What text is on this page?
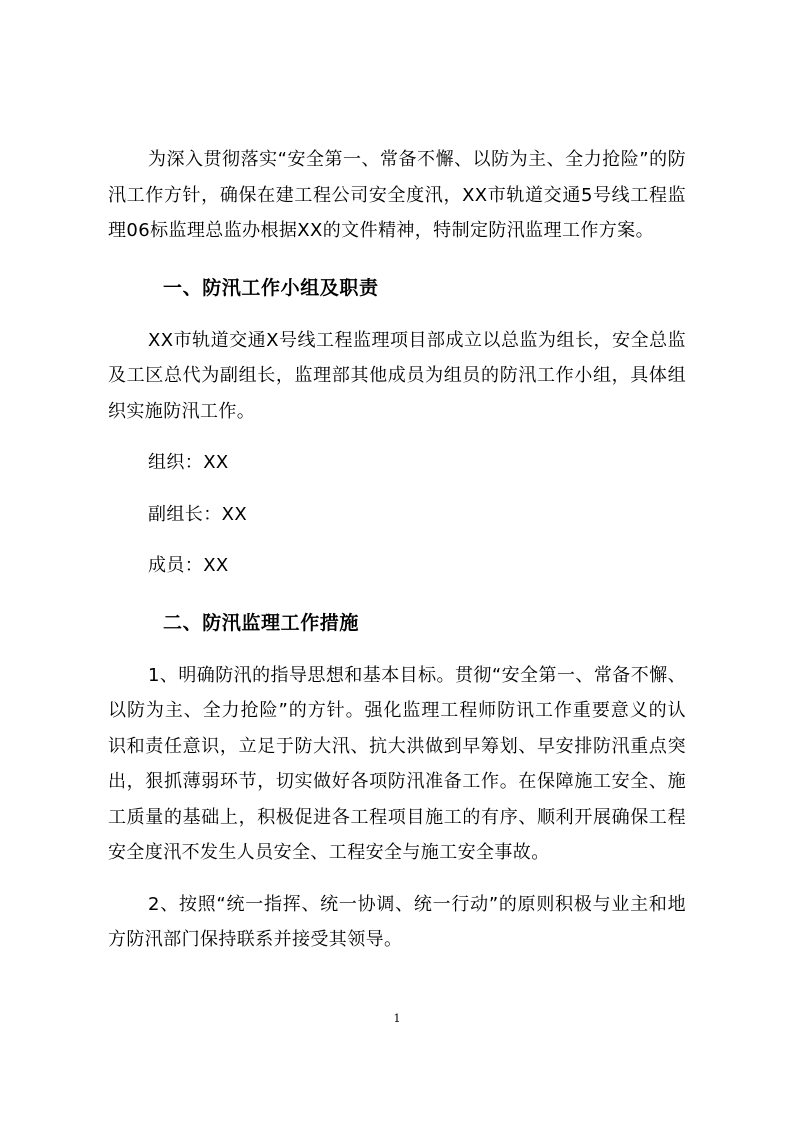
为深入贯彻落实“安全第一、常备不懈、以防为主、全力抢险”的防汛工作方针，确保在建工程公司安全度汛，XX市轨道交通5号线工程监理06标监理总监办根据XX的文件精神，特制定防汛监理工作方案。

一、防汛工作小组及职责

XX市轨道交通X号线工程监理项目部成立以总监为组长，安全总监及工区总代为副组长，监理部其他成员为组员的防汛工作小组，具体组织实施防汛工作。

组织：XX

副组长：XX

成员：XX

二、防汛监理工作措施

1、明确防汛的指导思想和基本目标。贯彻“安全第一、常备不懈、以防为主、全力抢险”的方针。强化监理工程师防讯工作重要意义的认识和责任意识，立足于防大汛、抗大洪做到早筹划、早安排防汛重点突出，狠抓薄弱环节，切实做好各项防汛准备工作。在保障施工安全、施工质量的基础上，积极促进各工程项目施工的有序、顺利开展确保工程安全度汛不发生人员安全、工程安全与施工安全事故。

2、按照“统一指挥、统一协调、统一行动”的原则积极与业主和地方防汛部门保持联系并接受其领导。

1
